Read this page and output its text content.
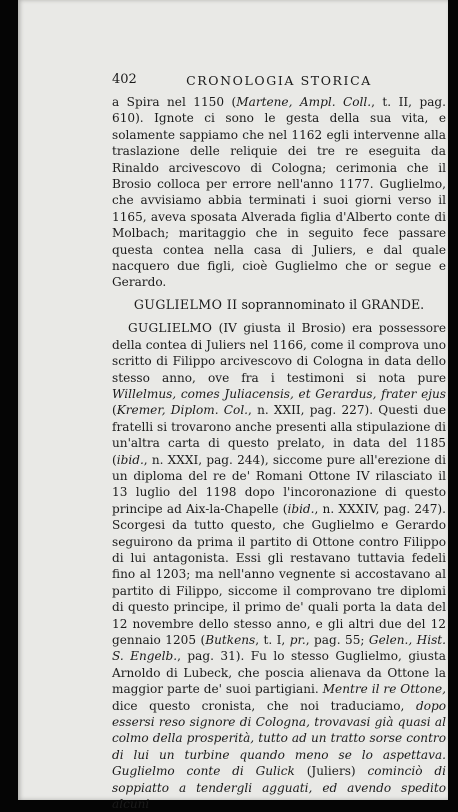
402	CRONOLOGIA STORICA

a Spira nel 1150 (Martene, Ampl. Coll., t. II, pag. 610). Ignote ci sono le gesta della sua vita, e solamente sappiamo che nel 1162 egli intervenne alla traslazione delle reliquie dei tre re eseguita da Rinaldo arcivescovo di Cologna; cerimonia che il Brosio colloca per errore nell'anno 1177. Guglielmo, che avvisiamo abbia terminati i suoi giorni verso il 1165, aveva sposata Alverada figlia d'Alberto conte di Molbach; maritaggio che in seguito fece passare questa contea nella casa di Juliers, e dal quale nacquero due figli, cioè Guglielmo che or segue e Gerardo.

GUGLIELMO II soprannominato il GRANDE.

GUGLIELMO (IV giusta il Brosio) era possessore della contea di Juliers nel 1166, come il comprova uno scritto di Filippo arcivescovo di Cologna in data dello stesso anno, ove fra i testimoni si nota pure Willelmus, comes Juliacensis, et Gerardus, frater ejus (Kremer, Diplom. Col., n. XXII, pag. 227). Questi due fratelli si trovarono anche presenti alla stipulazione di un'altra carta di questo prelato, in data del 1185 (ibid., n. XXXI, pag. 244), siccome pure all'erezione di un diploma del re de' Romani Ottone IV rilasciato il 13 luglio del 1198 dopo l'incoronazione di questo principe ad Aix-la-Chapelle (ibid., n. XXXIV, pag. 247). Scorgesi da tutto questo, che Guglielmo e Gerardo seguirono da prima il partito di Ottone contro Filippo di lui antagonista. Essi gli restavano tuttavia fedeli fino al 1203; ma nell'anno vegnente si accostavano al partito di Filippo, siccome il comprovano tre diplomi di questo principe, il primo de' quali porta la data del 12 novembre dello stesso anno, e gli altri due del 12 gennaio 1205 (Butkens, t. I, pr., pag. 55; Gelen., Hist. S. Engelb., pag. 31). Fu lo stesso Guglielmo, giusta Arnoldo di Lubeck, che poscia alienava da Ottone la maggior parte de' suoi partigiani. Mentre il re Ottone, dice questo cronista, che noi traduciamo, dopo essersi reso signore di Cologna, trovavasi già quasi al colmo della prosperità, tutto ad un tratto sorse contro di lui un turbine quando meno se lo aspettava. Guglielmo conte di Gulick (Juliers) cominciò di soppiatto a tendergli agguati, ed avendo spedito alcuni
